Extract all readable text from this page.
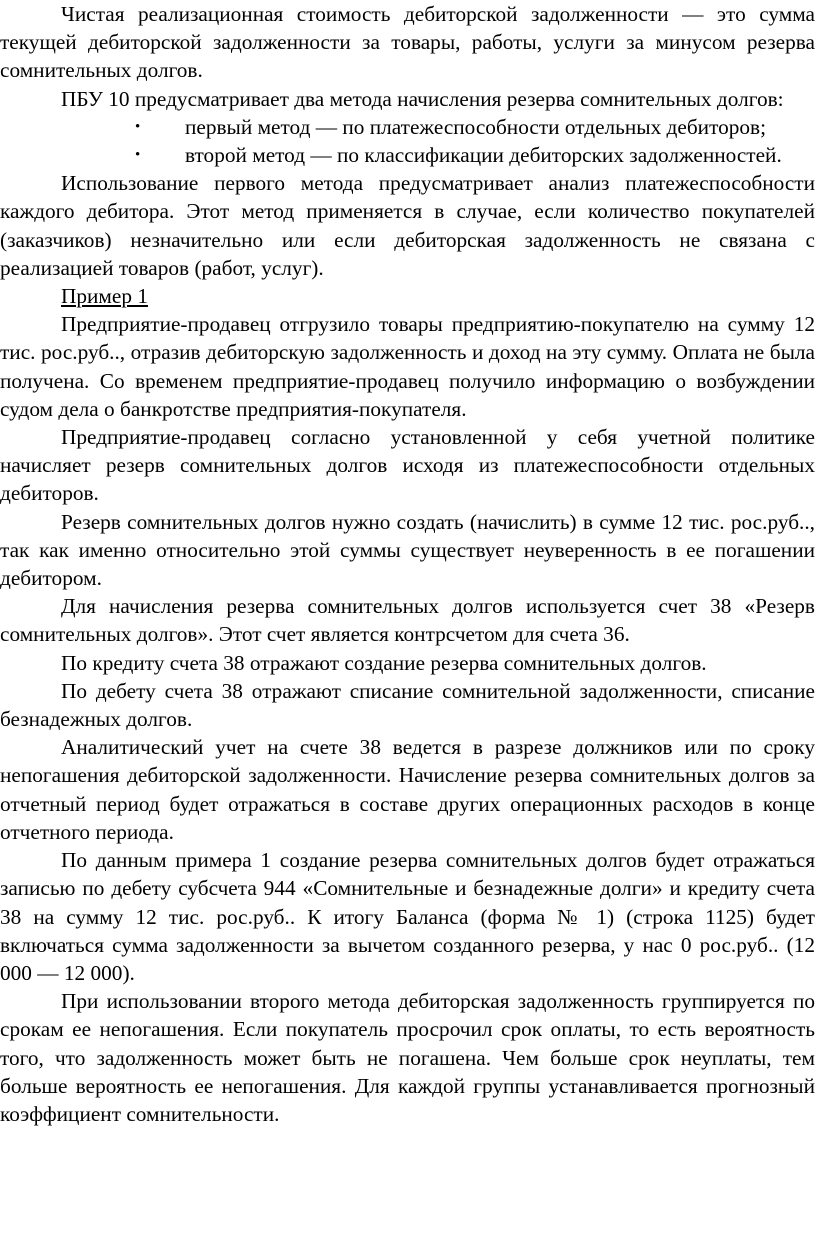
Чистая реализационная стоимость дебиторской задолженности — это сумма текущей дебиторской задолженности за товары, работы, услуги за минусом резерва сомнительных долгов.

ПБУ 10 предусматривает два метода начисления резерва сомнительных долгов:

• первый метод — по платежеспособности отдельных дебиторов;
• второй метод — по классификации дебиторских задолженностей.

Использование первого метода предусматривает анализ платежеспособности каждого дебитора. Этот метод применяется в случае, если количество покупателей (заказчиков) незначительно или если дебиторская задолженность не связана с реализацией товаров (работ, услуг).

Пример 1

Предприятие-продавец отгрузило товары предприятию-покупателю на сумму 12 тис. рос.руб.., отразив дебиторскую задолженность и доход на эту сумму. Оплата не была получена. Со временем предприятие-продавец получило информацию о возбуждении судом дела о банкротстве предприятия-покупателя.

Предприятие-продавец согласно установленной у себя учетной политике начисляет резерв сомнительных долгов исходя из платежеспособности отдельных дебиторов.

Резерв сомнительных долгов нужно создать (начислить) в сумме 12 тис. рос.руб.., так как именно относительно этой суммы существует неуверенность в ее погашении дебитором.

Для начисления резерва сомнительных долгов используется счет 38 «Резерв сомнительных долгов». Этот счет является контрсчетом для счета 36.

По кредиту счета 38 отражают создание резерва сомнительных долгов.

По дебету счета 38 отражают списание сомнительной задолженности, списание безнадежных долгов.

Аналитический учет на счете 38 ведется в разрезе должников или по сроку непогашения дебиторской задолженности. Начисление резерва сомнительных долгов за отчетный период будет отражаться в составе других операционных расходов в конце отчетного периода.

По данным примера 1 создание резерва сомнительных долгов будет отражаться записью по дебету субсчета 944 «Сомнительные и безнадежные долги» и кредиту счета 38 на сумму 12 тис. рос.руб.. К итогу Баланса (форма № 1) (строка 1125) будет включаться сумма задолженности за вычетом созданного резерва, у нас 0 рос.руб.. (12 000 — 12 000).

При использовании второго метода дебиторская задолженность группируется по срокам ее непогашения. Если покупатель просрочил срок оплаты, то есть вероятность того, что задолженность может быть не погашена. Чем больше срок неуплаты, тем больше вероятность ее непогашения. Для каждой группы устанавливается прогнозный коэффициент сомнительности.
